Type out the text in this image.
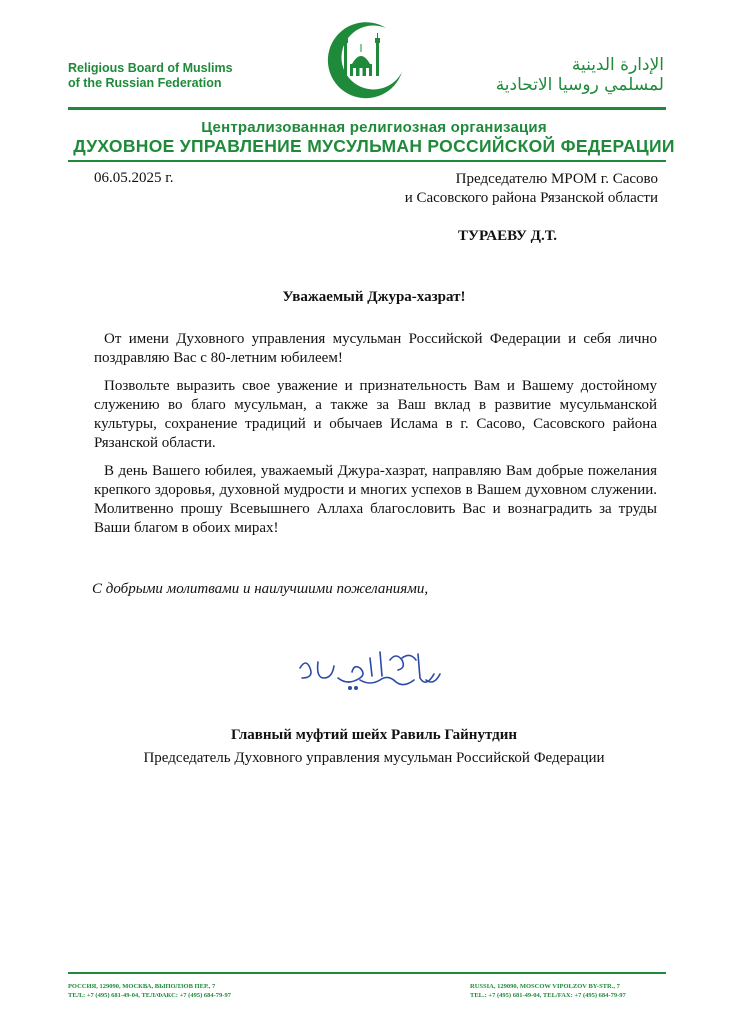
Religious Board of Muslims
of the Russian Federation
الإدارة الدينية
لمسلمي روسيا الاتحادية
Централизованная религиозная организация
ДУХОВНОЕ УПРАВЛЕНИЕ МУСУЛЬМАН РОССИЙСКОЙ ФЕДЕРАЦИИ
06.05.2025 г.	Председателю МРОМ г. Сасово
и Сасовского района Рязанской области
ТУРАЕВУ Д.Т.
Уважаемый Джура-хазрат!

От имени Духовного управления мусульман Российской Федерации и себя лично поздравляю Вас с 80-летним юбилеем!

Позвольте выразить свое уважение и признательность Вам и Вашему достойному служению во благо мусульман, а также за Ваш вклад в развитие мусульманской культуры, сохранение традиций и обычаев Ислама в г. Сасово, Сасовского района Рязанской области.

В день Вашего юбилея, уважаемый Джура-хазрат, направляю Вам добрые пожелания крепкого здоровья, духовной мудрости и многих успехов в Вашем духовном служении. Молитвенно прошу Всевышнего Аллаха благословить Вас и вознаградить за труды Ваши благом в обоих мирах!

С добрыми молитвами и наилучшими пожеланиями,
Главный муфтий шейх Равиль Гайнутдин
Председатель Духовного управления мусульман Российской Федерации
РОССИЯ, 129090, МОСКВА, ВЫПОЛЗОВ ПЕР., 7
ТЕЛ.: +7 (495) 681-49-04, ТЕЛ/ФАКС: +7 (495) 684-79-97
RUSSIA, 129090, MOSCOW VIPOLZOV BY-STR., 7
TEL.: +7 (495) 681-49-04, TEL/FAX: +7 (495) 684-79-97
